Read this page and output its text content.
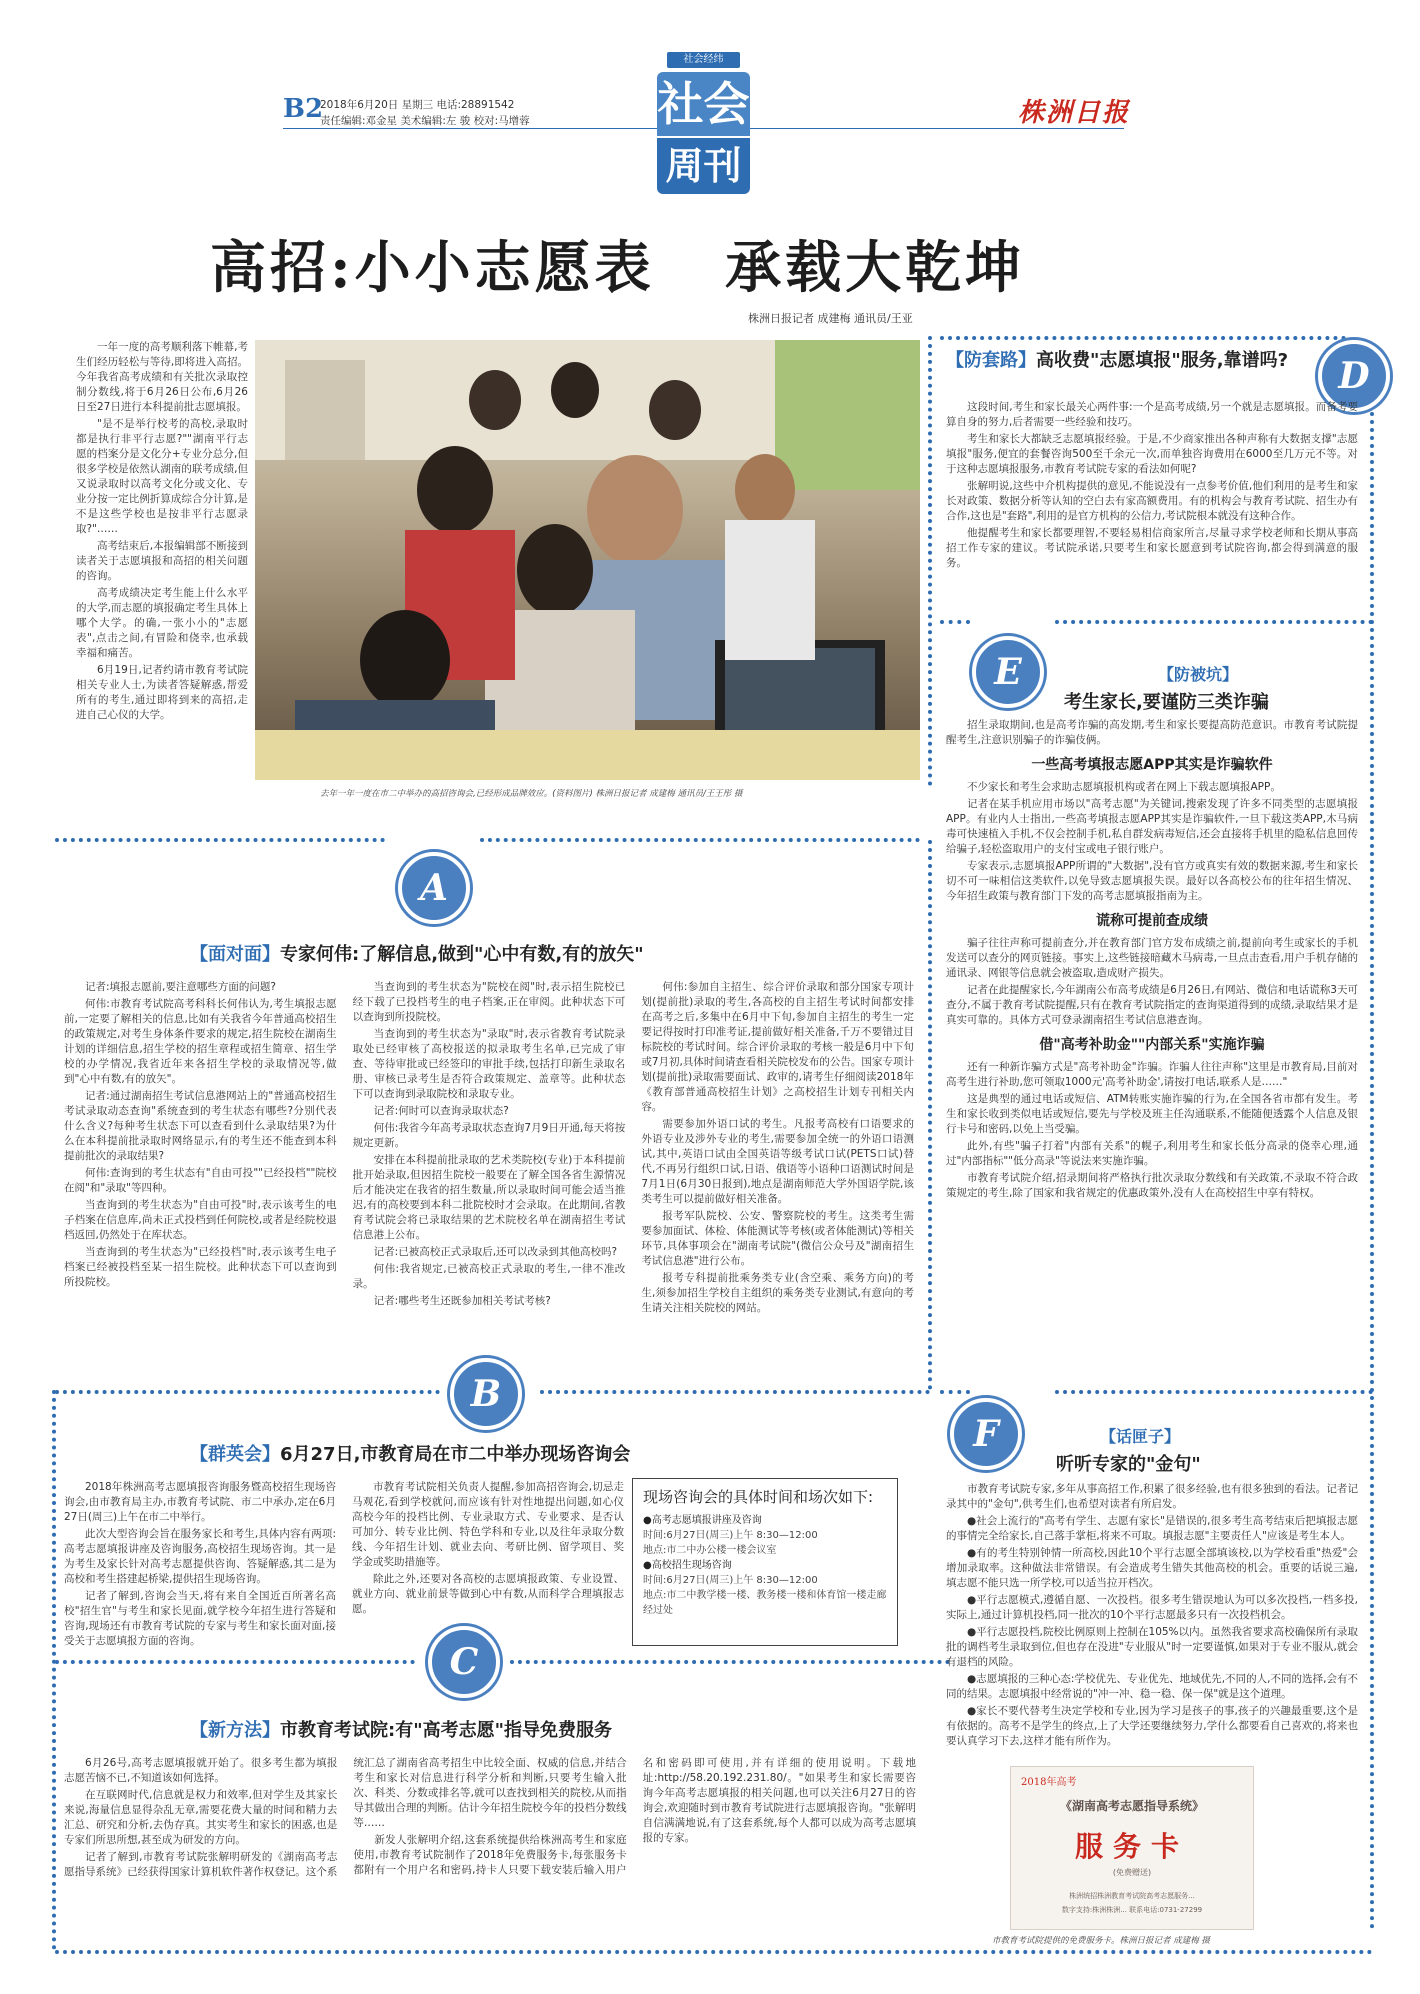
B2
2018年6月20日 星期三 电话:28891542
责任编辑:邓金星 美术编辑:左 骏 校对:马增蓉
社会经纬
社会
周刊
株洲日报
高招:小小志愿表   承载大乾坤
株洲日报记者 成建梅 通讯员/王亚

一年一度的高考顺利落下帷幕,考生们经历轻松与等待,即将进入高招。今年我省高考成绩和有关批次录取控制分数线,将于6月26日公布,6月26日至27日进行本科提前批志愿填报。

"是不是举行校考的高校,录取时都是执行非平行志愿?""湖南平行志愿的档案分是文化分+专业分总分,但很多学校是依然认湖南的联考成绩,但又说录取时以高考文化分或文化、专业分按一定比例折算成综合分计算,是不是这些学校也是按非平行志愿录取?"……

高考结束后,本报编辑部不断接到读者关于志愿填报和高招的相关问题的咨询。

高考成绩决定考生能上什么水平的大学,而志愿的填报确定考生具体上哪个大学。的确,一张小小的"志愿表",点击之间,有冒险和侥幸,也承载幸福和痛苦。

6月19日,记者约请市教育考试院相关专业人士,为读者答疑解惑,帮爱所有的考生,通过即将到来的高招,走进自己心仪的大学。

去年一年一度在市二中举办的高招咨询会,已经形成品牌效应。(资料图片) 株洲日报记者 成建梅 通讯员/王王彤 摄
D
【防套路】高收费"志愿填报"服务,靠谱吗?

这段时间,考生和家长最关心两件事:一个是高考成绩,另一个就是志愿填报。而备考要算自身的努力,后者需要一些经验和技巧。

考生和家长大都缺乏志愿填报经验。于是,不少商家推出各种声称有大数据支撑"志愿填报"服务,便宜的套餐咨询500至千余元一次,而单独咨询费用在6000至几万元不等。对于这种志愿填报服务,市教育考试院专家的看法如何呢?

张解明说,这些中介机构提供的意见,不能说没有一点参考价值,他们利用的是考生和家长对政策、数据分析等认知的空白去有家高额费用。有的机构会与教育考试院、招生办有合作,这也是"套路",利用的是官方机构的公信力,考试院根本就没有这种合作。

他提醒考生和家长都要理智,不要轻易相信商家所言,尽量寻求学校老师和长期从事高招工作专家的建议。考试院承诺,只要考生和家长愿意到考试院咨询,都会得到满意的服务。

E	【防被坑】
考生家长,要谨防三类诈骗

招生录取期间,也是高考诈骗的高发期,考生和家长要提高防范意识。市教育考试院提醒考生,注意识别骗子的诈骗伎俩。

一些高考填报志愿APP其实是诈骗软件

不少家长和考生会求助志愿填报机构或者在网上下载志愿填报APP。

记者在某手机应用市场以"高考志愿"为关键词,搜索发现了许多不同类型的志愿填报APP。有业内人士指出,一些高考填报志愿APP其实是诈骗软件,一旦下载这类APP,木马病毒可快速植入手机,不仅会控制手机,私自群发病毒短信,还会直接将手机里的隐私信息回传给骗子,轻松盗取用户的支付宝或电子银行账户。

专家表示,志愿填报APP所谓的"大数据",没有官方或真实有效的数据来源,考生和家长切不可一味相信这类软件,以免导致志愿填报失误。最好以各高校公布的往年招生情况、今年招生政策与教育部门下发的高考志愿填报指南为主。

谎称可提前查成绩

骗子往往声称可提前查分,并在教育部门官方发布成绩之前,提前向考生或家长的手机发送可以查分的网页链接。事实上,这些链接暗藏木马病毒,一旦点击查看,用户手机存储的通讯录、网银等信息就会被盗取,造成财产损失。

记者在此提醒家长,今年湖南公布高考成绩是6月26日,有网站、微信和电话谎称3天可查分,不属于教育考试院提醒,只有在教育考试院指定的查询渠道得到的成绩,录取结果才是真实可靠的。具体方式可登录湖南招生考试信息港查询。

借"高考补助金""内部关系"实施诈骗

还有一种新诈骗方式是"高考补助金"诈骗。诈骗人往往声称"这里是市教育局,目前对高考生进行补助,您可领取1000元'高考补助金',请按打电话,联系人是……"

这是典型的通过电话或短信、ATM转账实施诈骗的行为,在全国各省市都有发生。考生和家长收到类似电话或短信,要先与学校及班主任沟通联系,不能随便透露个人信息及银行卡号和密码,以免上当受骗。

此外,有些"骗子打着"内部有关系"的幌子,利用考生和家长低分高录的侥幸心理,通过"内部指标""低分高录"等说法来实施诈骗。

市教育考试院介绍,招录期间将严格执行批次录取分数线和有关政策,不录取不符合政策规定的考生,除了国家和我省规定的优惠政策外,没有人在高校招生中享有特权。

A
【面对面】专家何伟:了解信息,做到"心中有数,有的放矢"

记者:填报志愿前,要注意哪些方面的问题?

何伟:市教育考试院高考科科长何伟认为,考生填报志愿前,一定要了解相关的信息,比如有关我省今年普通高校招生的政策规定,对考生身体条件要求的规定,招生院校在湖南生计划的详细信息,招生学校的招生章程或招生简章、招生学校的办学情况,我省近年来各招生学校的录取情况等,做到"心中有数,有的放矢"。

记者:通过湖南招生考试信息港网站上的"普通高校招生考试录取动态查询"系统查到的考生状态有哪些?分别代表什么含义?每种考生状态下可以查看到什么录取结果?为什么在本科提前批录取时网络显示,有的考生还不能查到本科提前批次的录取结果?

何伟:查询到的考生状态有"自由可投""已经投档""院校在阅"和"录取"等四种。

当查询到的考生状态为"自由可投"时,表示该考生的电子档案在信息库,尚未正式投档到任何院校,或者是经院校退档返回,仍然处于在库状态。

当查询到的考生状态为"已经投档"时,表示该考生电子档案已经被投档至某一招生院校。此种状态下可以查询到所投院校。

当查询到的考生状态为"院校在阅"时,表示招生院校已经下载了已投档考生的电子档案,正在审阅。此种状态下可以查询到所投院校。

当查询到的考生状态为"录取"时,表示省教育考试院录取处已经审核了高校报送的拟录取考生名单,已完成了审查、等待审批或已经签印的审批手续,包括打印新生录取名册、审核已录考生是否符合政策规定、盖章等。此种状态下可以查询到录取院校和录取专业。

记者:何时可以查询录取状态?

何伟:我省今年高考录取状态查询7月9日开通,每天将按规定更新。

安排在本科提前批录取的艺术类院校(专业)于本科提前批开始录取,但因招生院校一般要在了解全国各省生源情况后才能决定在我省的招生数量,所以录取时间可能会适当推迟,有的高校要到本科二批院校时才会录取。在此期间,省教育考试院会将已录取结果的艺术院校名单在湖南招生考试信息港上公布。

记者:已被高校正式录取后,还可以改录到其他高校吗?

何伟:我省规定,已被高校正式录取的考生,一律不准改录。

记者:哪些考生还既参加相关考试考核?

何伟:参加自主招生、综合评价录取和部分国家专项计划(提前批)录取的考生,各高校的自主招生考试时间都安排在高考之后,多集中在6月中下旬,参加自主招生的考生一定要记得按时打印准考证,提前做好相关准备,千万不要错过目标院校的考试时间。综合评价录取的考核一般是6月中下旬或7月初,具体时间请查看相关院校发布的公告。国家专项计划(提前批)录取需要面试、政审的,请考生仔细阅读2018年《教育部普通高校招生计划》之高校招生计划专刊相关内容。

需要参加外语口试的考生。凡报考高校有口语要求的外语专业及涉外专业的考生,需要参加全统一的外语口语测试,其中,英语口试由全国英语等级考试口试(PETS口试)替代,不再另行组织口试,日语、俄语等小语种口语测试时间是7月1日(6月30日报到),地点是湖南师范大学外国语学院,该类考生可以提前做好相关准备。

报考军队院校、公安、警察院校的考生。这类考生需要参加面试、体检、体能测试等考核(或者体能测试)等相关环节,具体事项会在"湖南考试院"(微信公众号及"湖南招生考试信息港"进行公布。

报考专科提前批乘务类专业(含空乘、乘务方向)的考生,须参加招生学校自主组织的乘务类专业测试,有意向的考生请关注相关院校的网站。

B
【群英会】6月27日,市教育局在市二中举办现场咨询会

2018年株洲高考志愿填报咨询服务暨高校招生现场咨询会,由市教育局主办,市教育考试院、市二中承办,定在6月27日(周三)上午在市二中举行。

此次大型咨询会旨在服务家长和考生,具体内容有两项:高考志愿填报讲座及咨询服务,高校招生现场咨询。其一是为考生及家长针对高考志愿提供咨询、答疑解惑,其二是为高校和考生搭建起桥梁,提供招生现场咨询。

记者了解到,咨询会当天,将有来自全国近百所著名高校"招生官"与考生和家长见面,就学校今年招生进行答疑和咨询,现场还有市教育考试院的专家与考生和家长面对面,接受关于志愿填报方面的咨询。

市教育考试院相关负责人提醒,参加高招咨询会,切忌走马观花,看到学校就问,而应该有针对性地提出问题,如心仪高校今年的投档比例、专业录取方式、专业要求、是否认可加分、转专业比例、特色学科和专业,以及往年录取分数线、今年招生计划、就业去向、考研比例、留学项目、奖学金或奖助措施等。

除此之外,还要对各高校的志愿填报政策、专业设置、就业方向、就业前景等做到心中有数,从而科学合理填报志愿。

现场咨询会的具体时间和场次如下:
●高考志愿填报讲座及咨询
时间:6月27日(周三)上午 8:30—12:00
地点:市二中办公楼一楼会议室
●高校招生现场咨询
时间:6月27日(周三)上午 8:30—12:00
地点:市二中教学楼一楼、教务楼一楼和体育馆一楼走廊经过处
C
【新方法】市教育考试院:有"高考志愿"指导免费服务

6月26号,高考志愿填报就开始了。很多考生都为填报志愿苦恼不已,不知道该如何选择。

在互联网时代,信息就是权力和效率,但对学生及其家长来说,海量信息显得杂乱无章,需要花费大量的时间和精力去汇总、研究和分析,去伪存真。其实考生和家长的困惑,也是专家们所思所想,甚至成为研发的方向。

记者了解到,市教育考试院张解明研发的《湖南高考志愿指导系统》已经获得国家计算机软件著作权登记。这个系统汇总了湖南省高考招生中比较全面、权威的信息,并结合考生和家长对信息进行科学分析和判断,只要考生输入批次、科类、分数或排名等,就可以查找到相关的院校,从而指导其做出合理的判断。估计今年招生院校今年的投档分数线等……

新发人张解明介绍,这套系统提供给株洲高考生和家庭使用,市教育考试院制作了2018年免费服务卡,每张服务卡都附有一个用户名和密码,持卡人只要下载安装后输入用户名和密码即可使用,并有详细的使用说明。下载地址:http://58.20.192.231.80/。"如果考生和家长需要咨询今年高考志愿填报的相关问题,也可以关注6月27日的咨询会,欢迎随时到市教育考试院进行志愿填报咨询。"张解明自信满满地说,有了这套系统,每个人都可以成为高考志愿填报的专家。

F	【话匣子】
听听专家的"金句"

市教育考试院专家,多年从事高招工作,积累了很多经验,也有很多独到的看法。记者记录其中的"金句",供考生们,也希望对读者有所启发。

●社会上流行的"高考有学生、志愿有家长"是错误的,很多考生高考结束后把填报志愿的事情完全给家长,自己落手掌柜,将来不可取。填报志愿"主要责任人"应该是考生本人。

●有的考生特别钟情一所高校,因此10个平行志愿全部填该校,以为学校看重"热爱"会增加录取率。这种做法非常错误。有会造成考生错失其他高校的机会。重要的话说三遍,填志愿不能只选一所学校,可以适当拉开档次。

●平行志愿模式,遵循自愿、一次投档。很多考生错误地认为可以多次投档,一档多投,实际上,通过计算机投档,同一批次的10个平行志愿最多只有一次投档机会。

●平行志愿投档,院校比例原则上控制在105%以内。虽然我省要求高校确保所有录取批的调档考生录取到位,但也存在没进"专业服从"时一定要谨慎,如果对于专业不服从,就会有退档的风险。

●志愿填报的三种心态:学校优先、专业优先、地域优先,不同的人,不同的选择,会有不同的结果。志愿填报中经常说的"冲一冲、稳一稳、保一保"就是这个道理。

●家长不要代替考生决定学校和专业,因为学习是孩子的事,孩子的兴趣最重要,这个是有依据的。高考不是学生的终点,上了大学还要继续努力,学什么都要看自己喜欢的,将来也要认真学习下去,这样才能有所作为。

2018年高考
《湖南高考志愿指导系统》
服务卡
(免费赠送)
株洲统招株洲教育考试院高考志愿服务...
数字支持:株洲株洲... 联系电话:0731-27299
市教育考试院提供的免费服务卡。株洲日报记者 成建梅 摄
